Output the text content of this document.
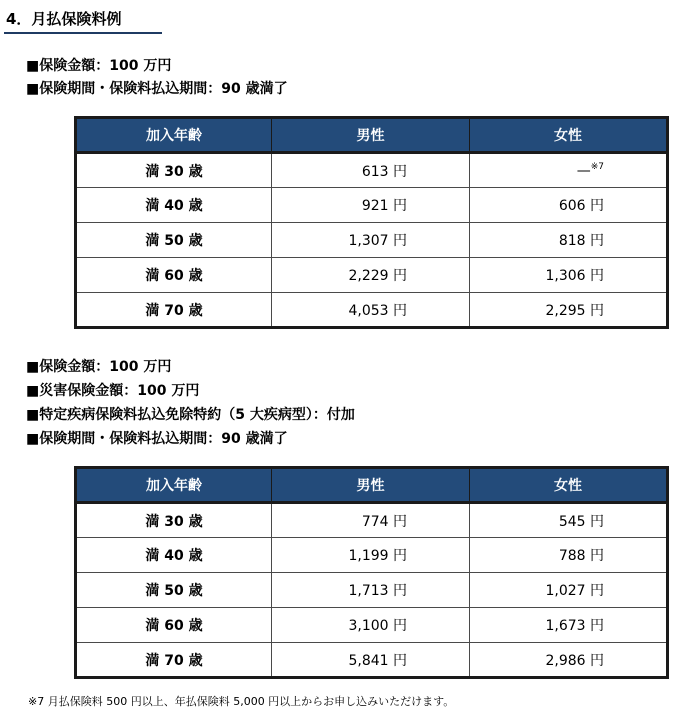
4．月払保険料例
■保険金額：100 万円
■保険期間・保険料払込期間：90 歳満了
加入年齢	男性	女性
満 30 歳	613 円	—$^{※7}$
満 40 歳	921 円	606 円
満 50 歳	1,307 円	818 円
満 60 歳	2,229 円	1,306 円
満 70 歳	4,053 円	2,295 円
■保険金額：100 万円
■災害保険金額：100 万円
■特定疾病保険料払込免除特約（5 大疾病型）：付加
■保険期間・保険料払込期間：90 歳満了
加入年齢	男性	女性
満 30 歳	774 円	545 円
満 40 歳	1,199 円	788 円
満 50 歳	1,713 円	1,027 円
満 60 歳	3,100 円	1,673 円
満 70 歳	5,841 円	2,986 円
※7 月払保険料 500 円以上、年払保険料 5,000 円以上からお申し込みいただけます。
